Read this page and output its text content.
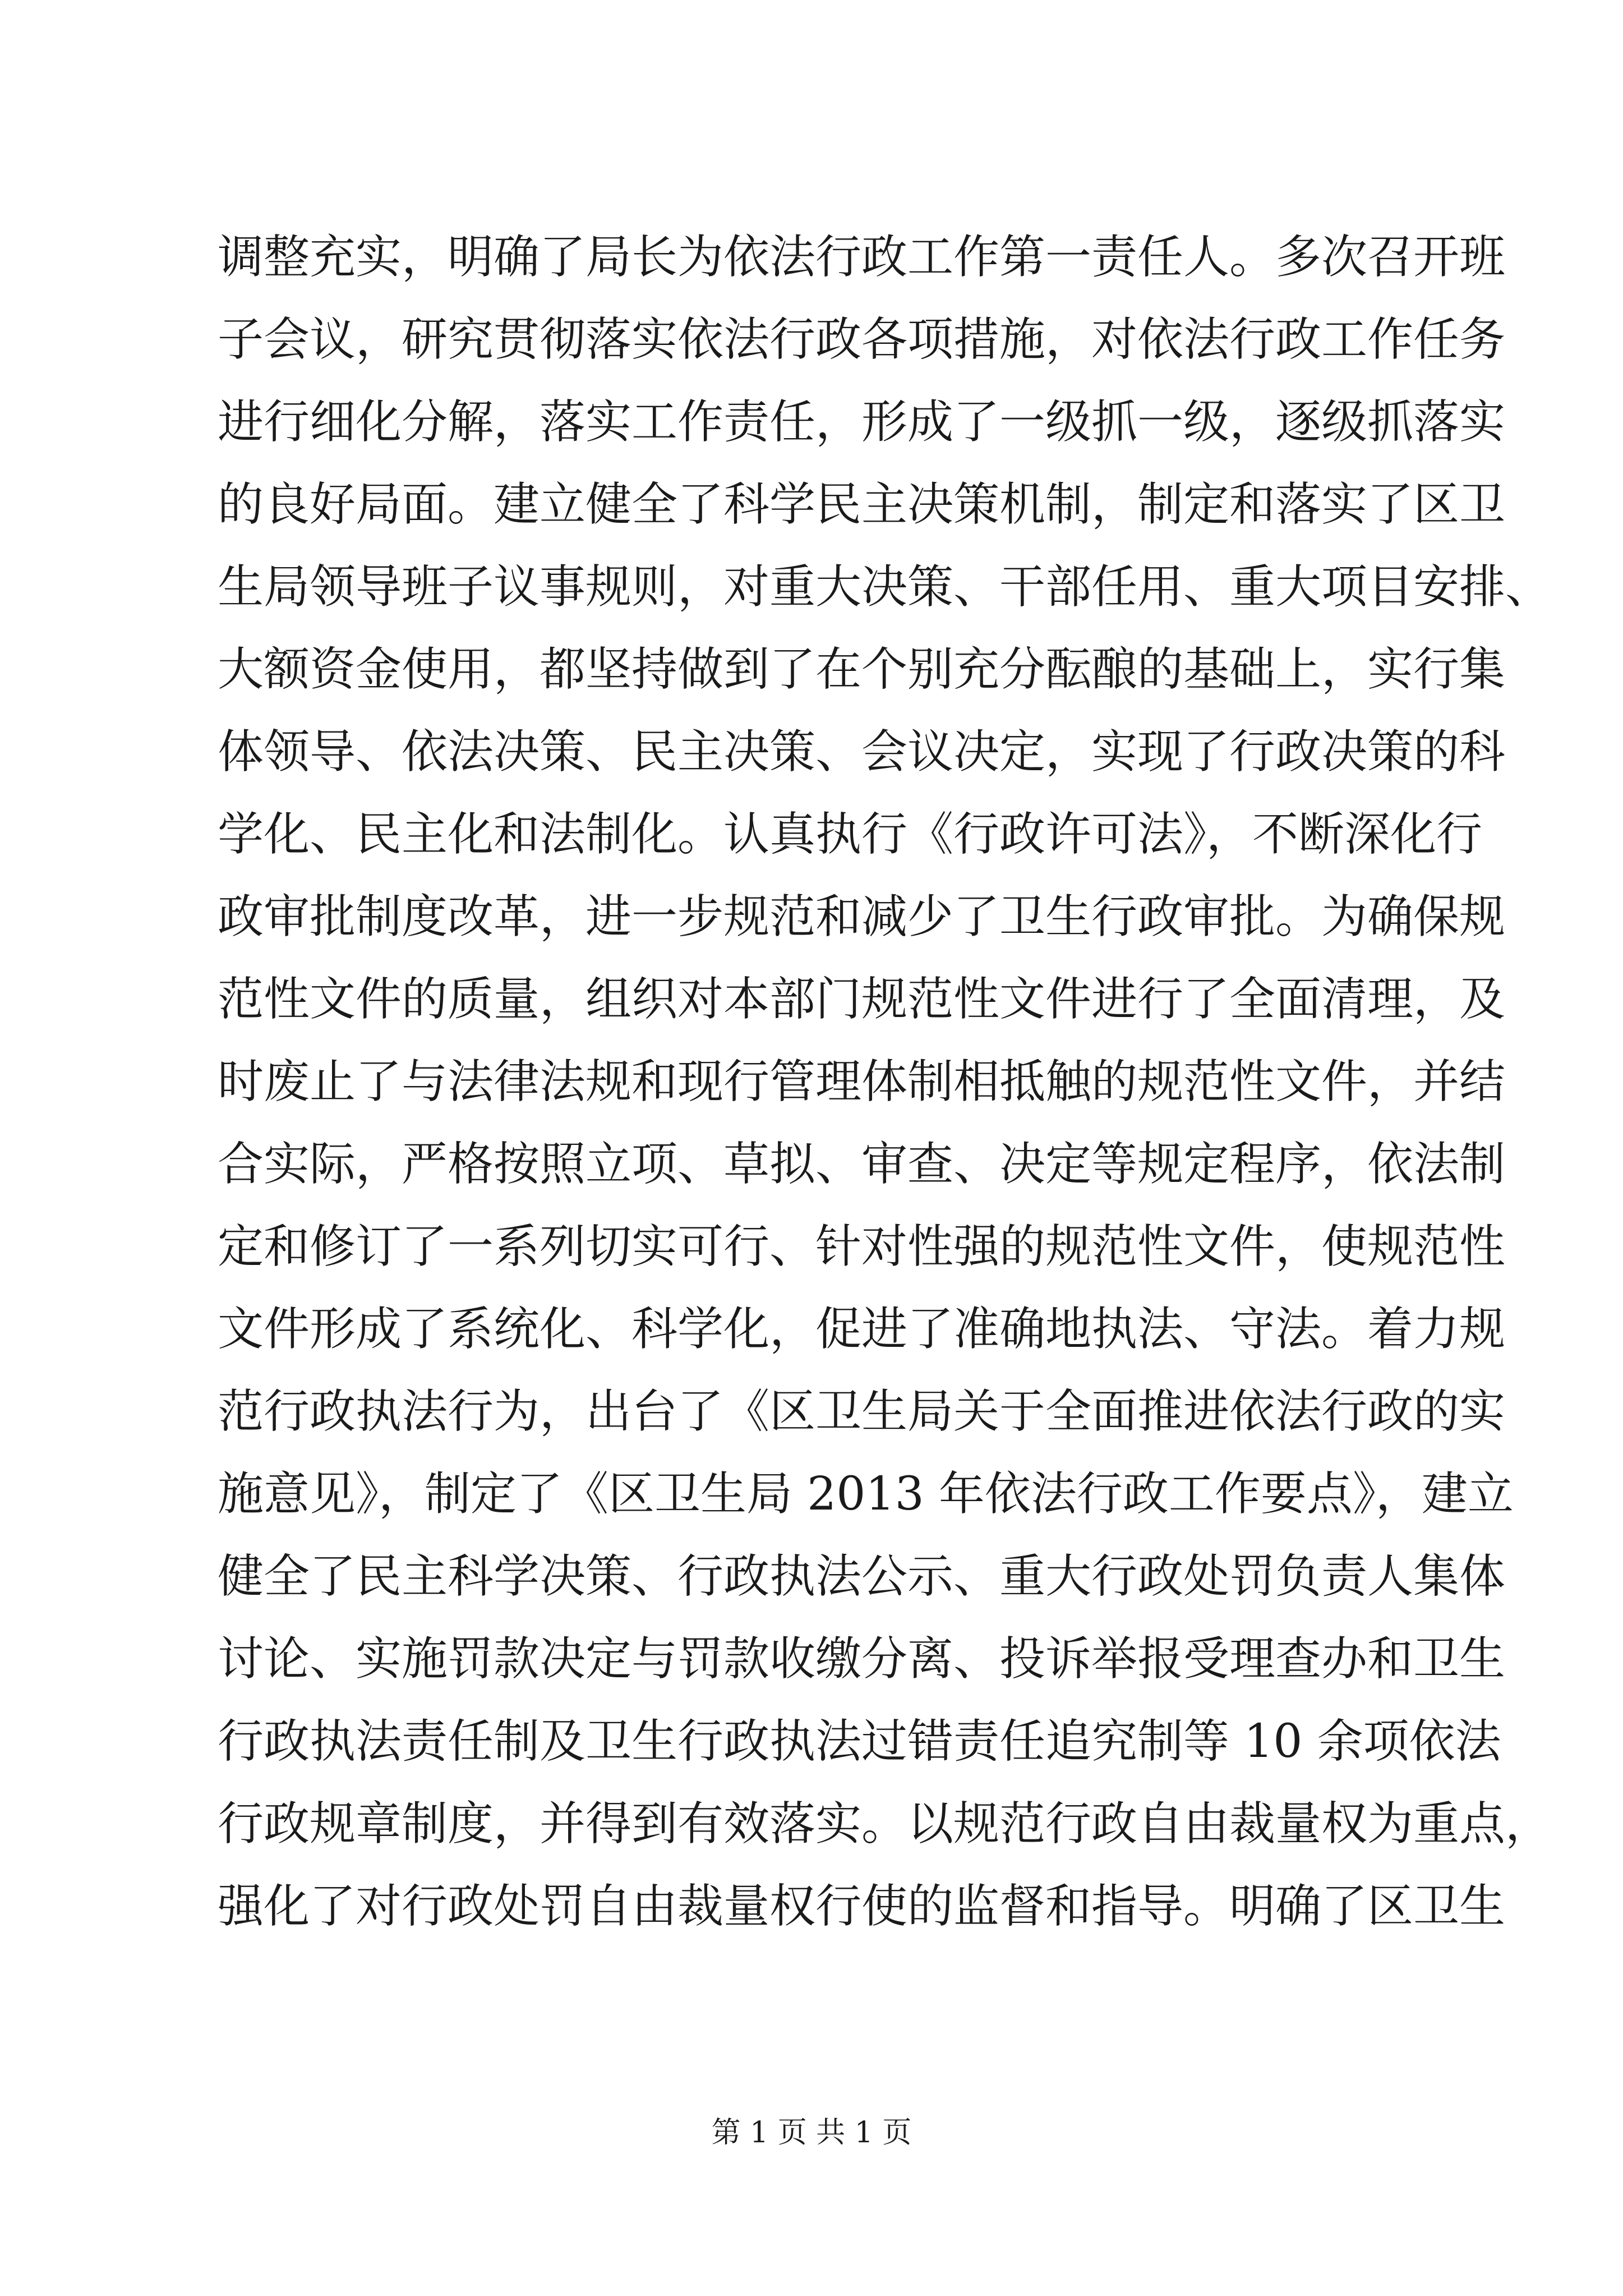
调整充实，明确了局长为依法行政工作第一责任人。多次召开班
子会议，研究贯彻落实依法行政各项措施，对依法行政工作任务
进行细化分解，落实工作责任，形成了一级抓一级，逐级抓落实
的良好局面。建立健全了科学民主决策机制，制定和落实了区卫
生局领导班子议事规则，对重大决策、干部任用、重大项目安排、
大额资金使用，都坚持做到了在个别充分酝酿的基础上，实行集
体领导、依法决策、民主决策、会议决定，实现了行政决策的科
学化、民主化和法制化。认真执行《行政许可法》，不断深化行
政审批制度改革，进一步规范和减少了卫生行政审批。为确保规
范性文件的质量，组织对本部门规范性文件进行了全面清理，及
时废止了与法律法规和现行管理体制相抵触的规范性文件，并结
合实际，严格按照立项、草拟、审查、决定等规定程序，依法制
定和修订了一系列切实可行、针对性强的规范性文件，使规范性
文件形成了系统化、科学化，促进了准确地执法、守法。着力规
范行政执法行为，出台了《区卫生局关于全面推进依法行政的实
施意见》，制定了《区卫生局 2013 年依法行政工作要点》，建立
健全了民主科学决策、行政执法公示、重大行政处罚负责人集体
讨论、实施罚款决定与罚款收缴分离、投诉举报受理查办和卫生
行政执法责任制及卫生行政执法过错责任追究制等 10 余项依法
行政规章制度，并得到有效落实。以规范行政自由裁量权为重点，
强化了对行政处罚自由裁量权行使的监督和指导。明确了区卫生
第 1 页 共 1 页
